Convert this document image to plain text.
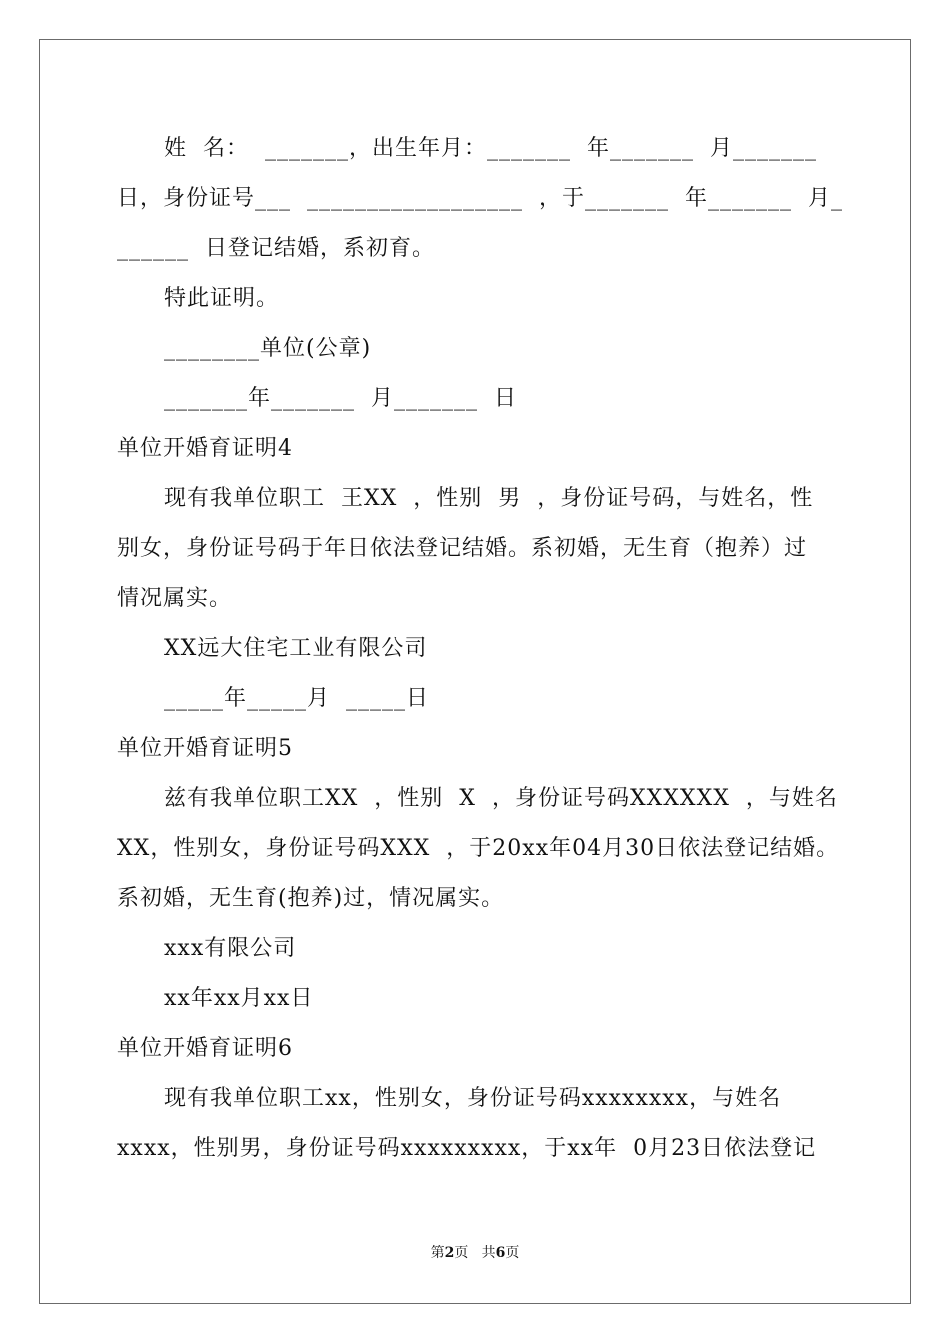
姓  名：  _______，出生年月：_______  年_______  月_______
日，身份证号___  __________________  ，于_______  年_______  月_
______  日登记结婚，系初育。
特此证明。
________单位(公章)
_______年_______  月_______  日
单位开婚育证明4
现有我单位职工  王XX  ，性别  男  ，身份证号码，与姓名，性
别女，身份证号码于年日依法登记结婚。系初婚，无生育（抱养）过
情况属实。
XX远大住宅工业有限公司
_____年_____月  _____日
单位开婚育证明5
兹有我单位职工XX  ，性别  X  ，身份证号码XXXXXX  ，与姓名
XX，性别女，身份证号码XXX  ，于20xx年04月30日依法登记结婚。
系初婚，无生育(抱养)过，情况属实。
xxx有限公司
xx年xx月xx日
单位开婚育证明6
现有我单位职工xx，性别女，身份证号码xxxxxxxx，与姓名
xxxx，性别男，身份证号码xxxxxxxxx，于xx年  0月23日依法登记
第2页 共6页
